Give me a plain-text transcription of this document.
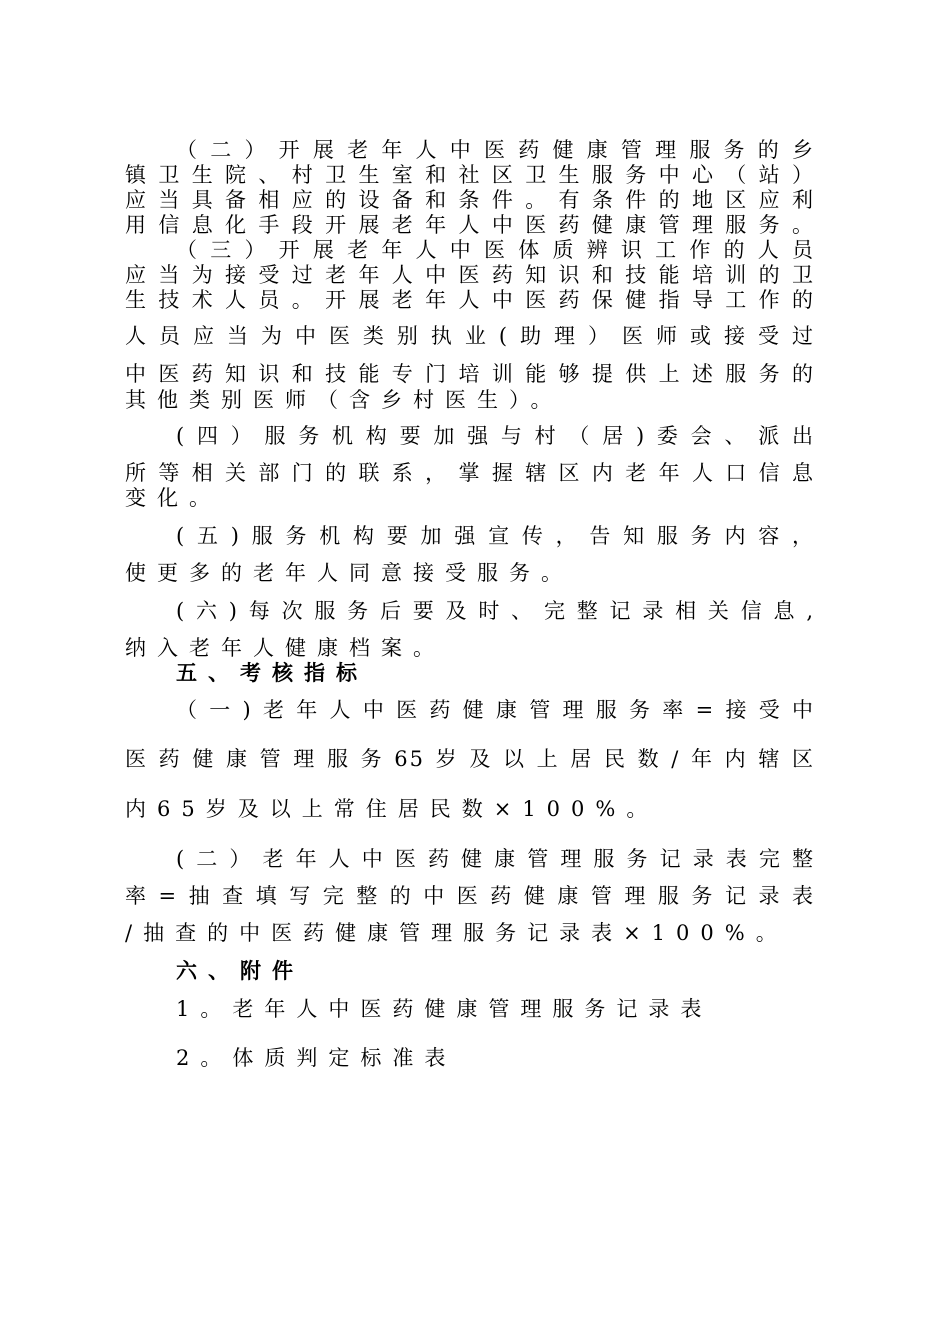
（二）开展老年人中医药健康管理服务的乡
镇卫生院、村卫生室和社区卫生服务中心（站）
应当具备相应的设备和条件。有条件的地区应利
用信息化手段开展老年人中医药健康管理服务。
（三）开展老年人中医体质辨识工作的人员
应当为接受过老年人中医药知识和技能培训的卫
生技术人员。开展老年人中医药保健指导工作的
人员应当为中医类别执业(助理）医师或接受过
中医药知识和技能专门培训能够提供上述服务的
其他类别医师（含乡村医生）。
(四）服务机构要加强与村（居)委会、派出
所等相关部门的联系，掌握辖区内老年人口信息
变化。
(五)服务机构要加强宣传，告知服务内容，
使更多的老年人同意接受服务。
(六)每次服务后要及时、完整记录相关信息,
纳入老年人健康档案。
五、考核指标
（一)老年人中医药健康管理服务率=接受中
医药健康管理服务65岁及以上居民数/年内辖区
内65岁及以上常住居民数×100%。
(二）老年人中医药健康管理服务记录表完整
率=抽查填写完整的中医药健康管理服务记录表
/抽查的中医药健康管理服务记录表×100%。
六、附件
1。老年人中医药健康管理服务记录表
2。体质判定标准表
